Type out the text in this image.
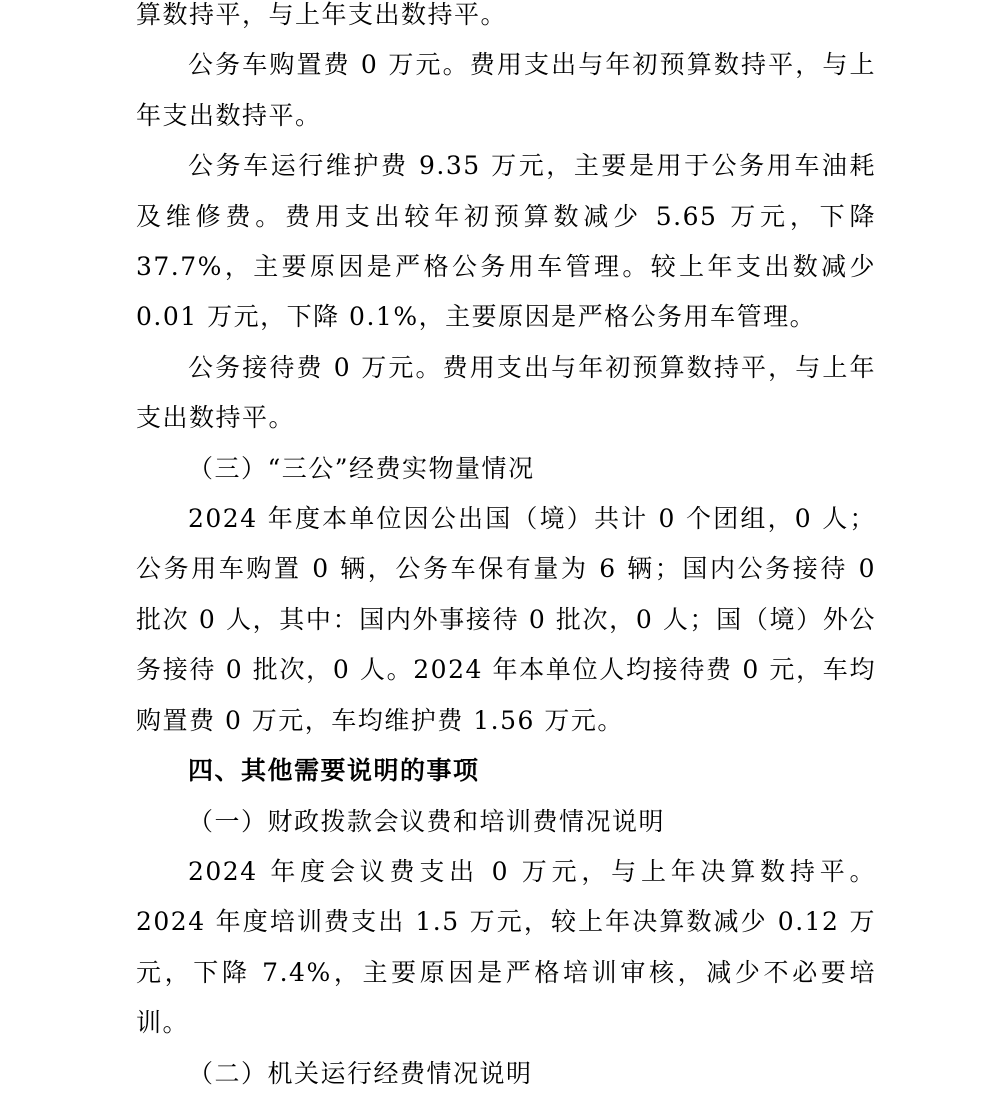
算数持平，与上年支出数持平。

公务车购置费 0 万元。费用支出与年初预算数持平，与上年支出数持平。

公务车运行维护费 9.35 万元，主要是用于公务用车油耗及维修费。费用支出较年初预算数减少 5.65 万元，下降 37.7%，主要原因是严格公务用车管理。较上年支出数减少 0.01 万元，下降 0.1%，主要原因是严格公务用车管理。

公务接待费 0 万元。费用支出与年初预算数持平，与上年支出数持平。

（三）“三公”经费实物量情况

2024 年度本单位因公出国（境）共计 0 个团组，0 人；公务用车购置 0 辆，公务车保有量为 6 辆；国内公务接待 0 批次 0 人，其中：国内外事接待 0 批次，0 人；国（境）外公务接待 0 批次，0 人。2024 年本单位人均接待费 0 元，车均购置费 0 万元，车均维护费 1.56 万元。

四、其他需要说明的事项

（一）财政拨款会议费和培训费情况说明

2024 年度会议费支出 0 万元，与上年决算数持平。2024 年度培训费支出 1.5 万元，较上年决算数减少 0.12 万元，下降 7.4%，主要原因是严格培训审核，减少不必要培训。

（二）机关运行经费情况说明
